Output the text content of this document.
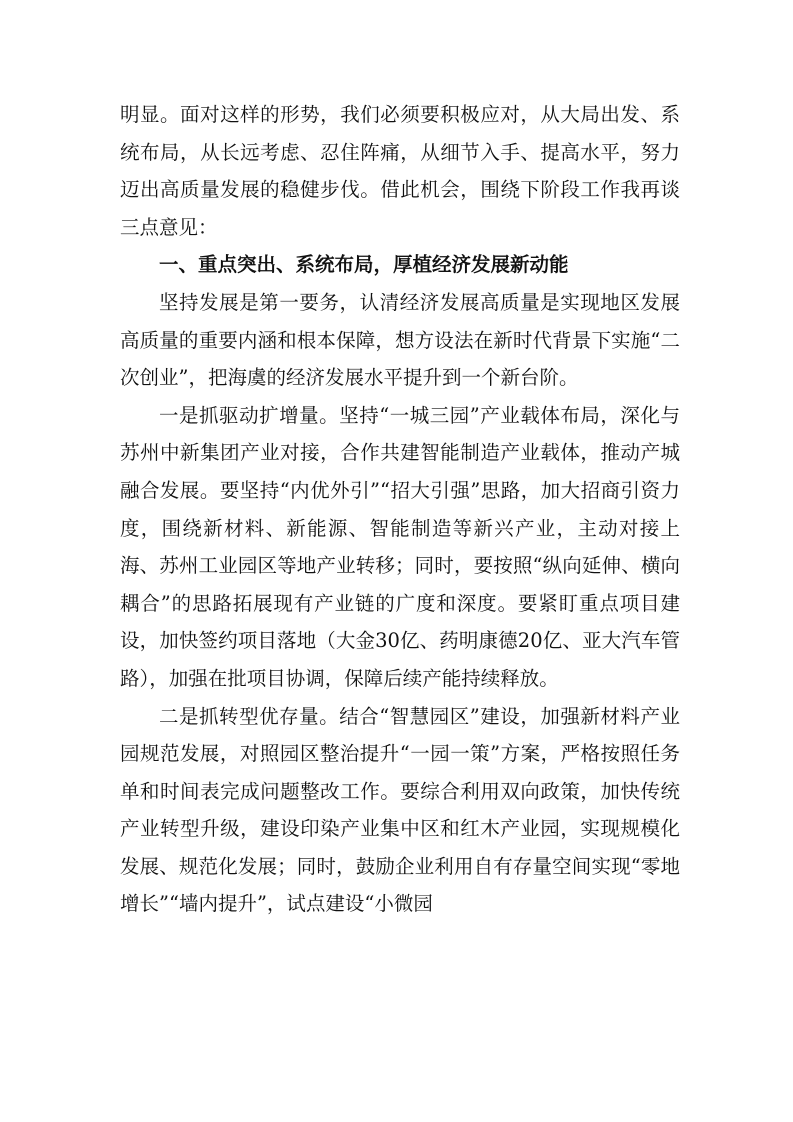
明显。面对这样的形势，我们必须要积极应对，从大局出发、系统布局，从长远考虑、忍住阵痛，从细节入手、提高水平，努力迈出高质量发展的稳健步伐。借此机会，围绕下阶段工作我再谈三点意见：

一、重点突出、系统布局，厚植经济发展新动能

坚持发展是第一要务，认清经济发展高质量是实现地区发展高质量的重要内涵和根本保障，想方设法在新时代背景下实施“二次创业”，把海虞的经济发展水平提升到一个新台阶。

一是抓驱动扩增量。坚持“一城三园”产业载体布局，深化与苏州中新集团产业对接，合作共建智能制造产业载体，推动产城融合发展。要坚持“内优外引”“招大引强”思路，加大招商引资力度，围绕新材料、新能源、智能制造等新兴产业，主动对接上海、苏州工业园区等地产业转移；同时，要按照“纵向延伸、横向耦合”的思路拓展现有产业链的广度和深度。要紧盯重点项目建设，加快签约项目落地（大金30亿、药明康德20亿、亚大汽车管路），加强在批项目协调，保障后续产能持续释放。

二是抓转型优存量。结合“智慧园区”建设，加强新材料产业园规范发展，对照园区整治提升“一园一策”方案，严格按照任务单和时间表完成问题整改工作。要综合利用双向政策，加快传统产业转型升级，建设印染产业集中区和红木产业园，实现规模化发展、规范化发展；同时，鼓励企业利用自有存量空间实现“零地增长”“墙内提升”，试点建设“小微园
